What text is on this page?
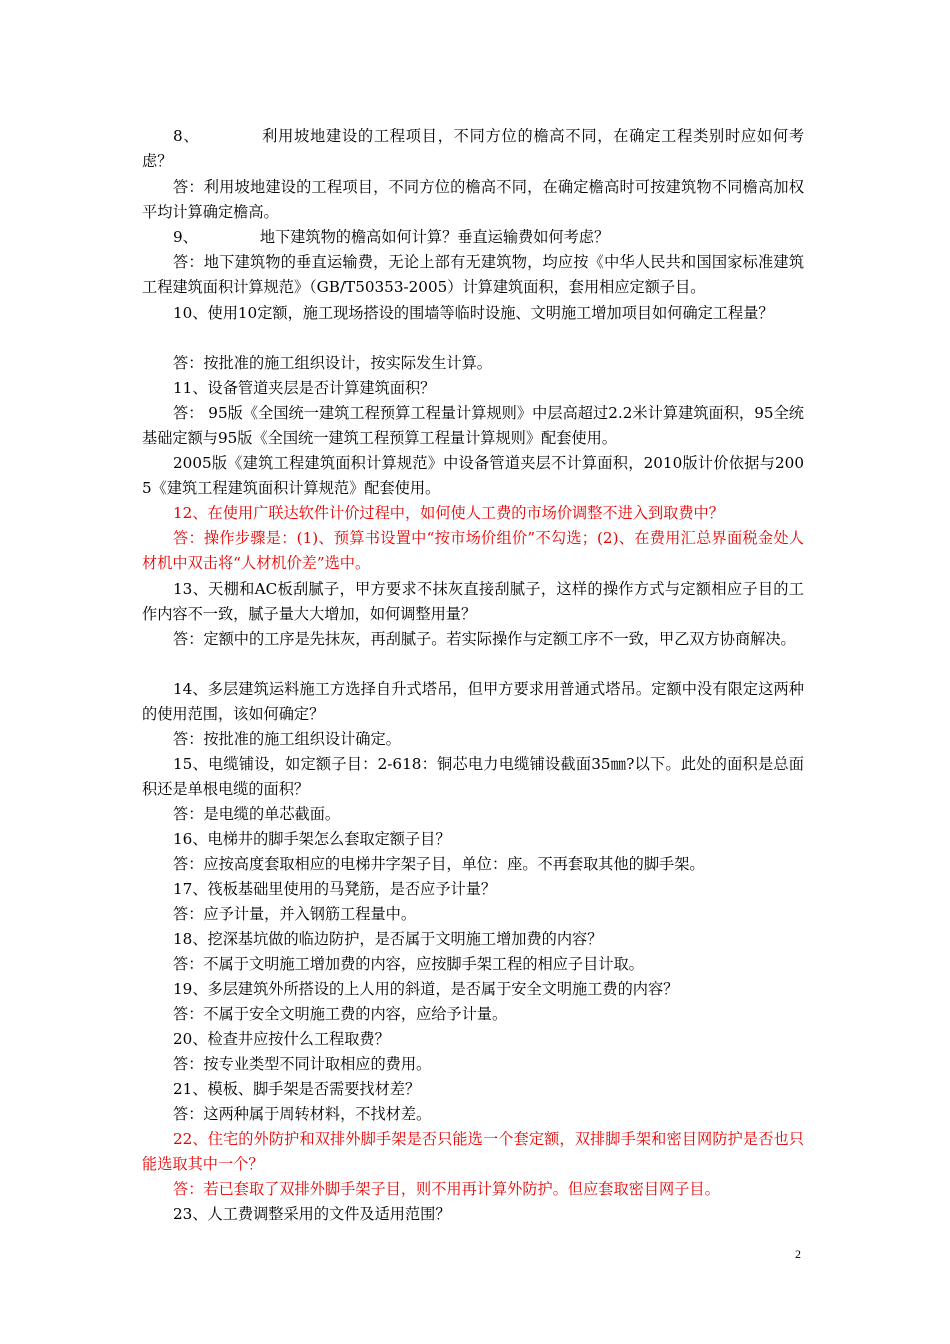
8、	利用坡地建设的工程项目，不同方位的檐高不同，在确定工程类别时应如何考虑？

答：利用坡地建设的工程项目，不同方位的檐高不同，在确定檐高时可按建筑物不同檐高加权平均计算确定檐高。

9、	地下建筑物的檐高如何计算？垂直运输费如何考虑？

答：地下建筑物的垂直运输费，无论上部有无建筑物，均应按《中华人民共和国国家标准建筑工程建筑面积计算规范》（GB/T50353-2005）计算建筑面积，套用相应定额子目。

10、使用10定额，施工现场搭设的围墙等临时设施、文明施工增加项目如何确定工程量？

答：按批准的施工组织设计，按实际发生计算。

11、设备管道夹层是否计算建筑面积？

答： 95版《全国统一建筑工程预算工程量计算规则》中层高超过2.2米计算建筑面积，95全统基础定额与95版《全国统一建筑工程预算工程量计算规则》配套使用。

2005版《建筑工程建筑面积计算规范》中设备管道夹层不计算面积，2010版计价依据与2005《建筑工程建筑面积计算规范》配套使用。

12、在使用广联达软件计价过程中，如何使人工费的市场价调整不进入到取费中？

答：操作步骤是：(1)、预算书设置中“按市场价组价”不勾选；(2)、在费用汇总界面税金处人材机中双击将“人材机价差”选中。

13、天棚和AC板刮腻子，甲方要求不抹灰直接刮腻子，这样的操作方式与定额相应子目的工作内容不一致，腻子量大大增加，如何调整用量？

答：定额中的工序是先抹灰，再刮腻子。若实际操作与定额工序不一致，甲乙双方协商解决。

14、多层建筑运料施工方选择自升式塔吊，但甲方要求用普通式塔吊。定额中没有限定这两种的使用范围，该如何确定？

答：按批准的施工组织设计确定。

15、电缆铺设，如定额子目：2-618：铜芯电力电缆铺设截面35㎜?以下。此处的面积是总面积还是单根电缆的面积？

答：是电缆的单芯截面。

16、电梯井的脚手架怎么套取定额子目？

答：应按高度套取相应的电梯井字架子目，单位：座。不再套取其他的脚手架。

17、筏板基础里使用的马凳筋，是否应予计量？

答：应予计量，并入钢筋工程量中。

18、挖深基坑做的临边防护，是否属于文明施工增加费的内容？

答：不属于文明施工增加费的内容，应按脚手架工程的相应子目计取。

19、多层建筑外所搭设的上人用的斜道，是否属于安全文明施工费的内容？

答：不属于安全文明施工费的内容，应给予计量。

20、检查井应按什么工程取费？

答：按专业类型不同计取相应的费用。

21、模板、脚手架是否需要找材差？

答：这两种属于周转材料，不找材差。

22、住宅的外防护和双排外脚手架是否只能选一个套定额，双排脚手架和密目网防护是否也只能选取其中一个？

答：若已套取了双排外脚手架子目，则不用再计算外防护。但应套取密目网子目。

23、人工费调整采用的文件及适用范围？

2
